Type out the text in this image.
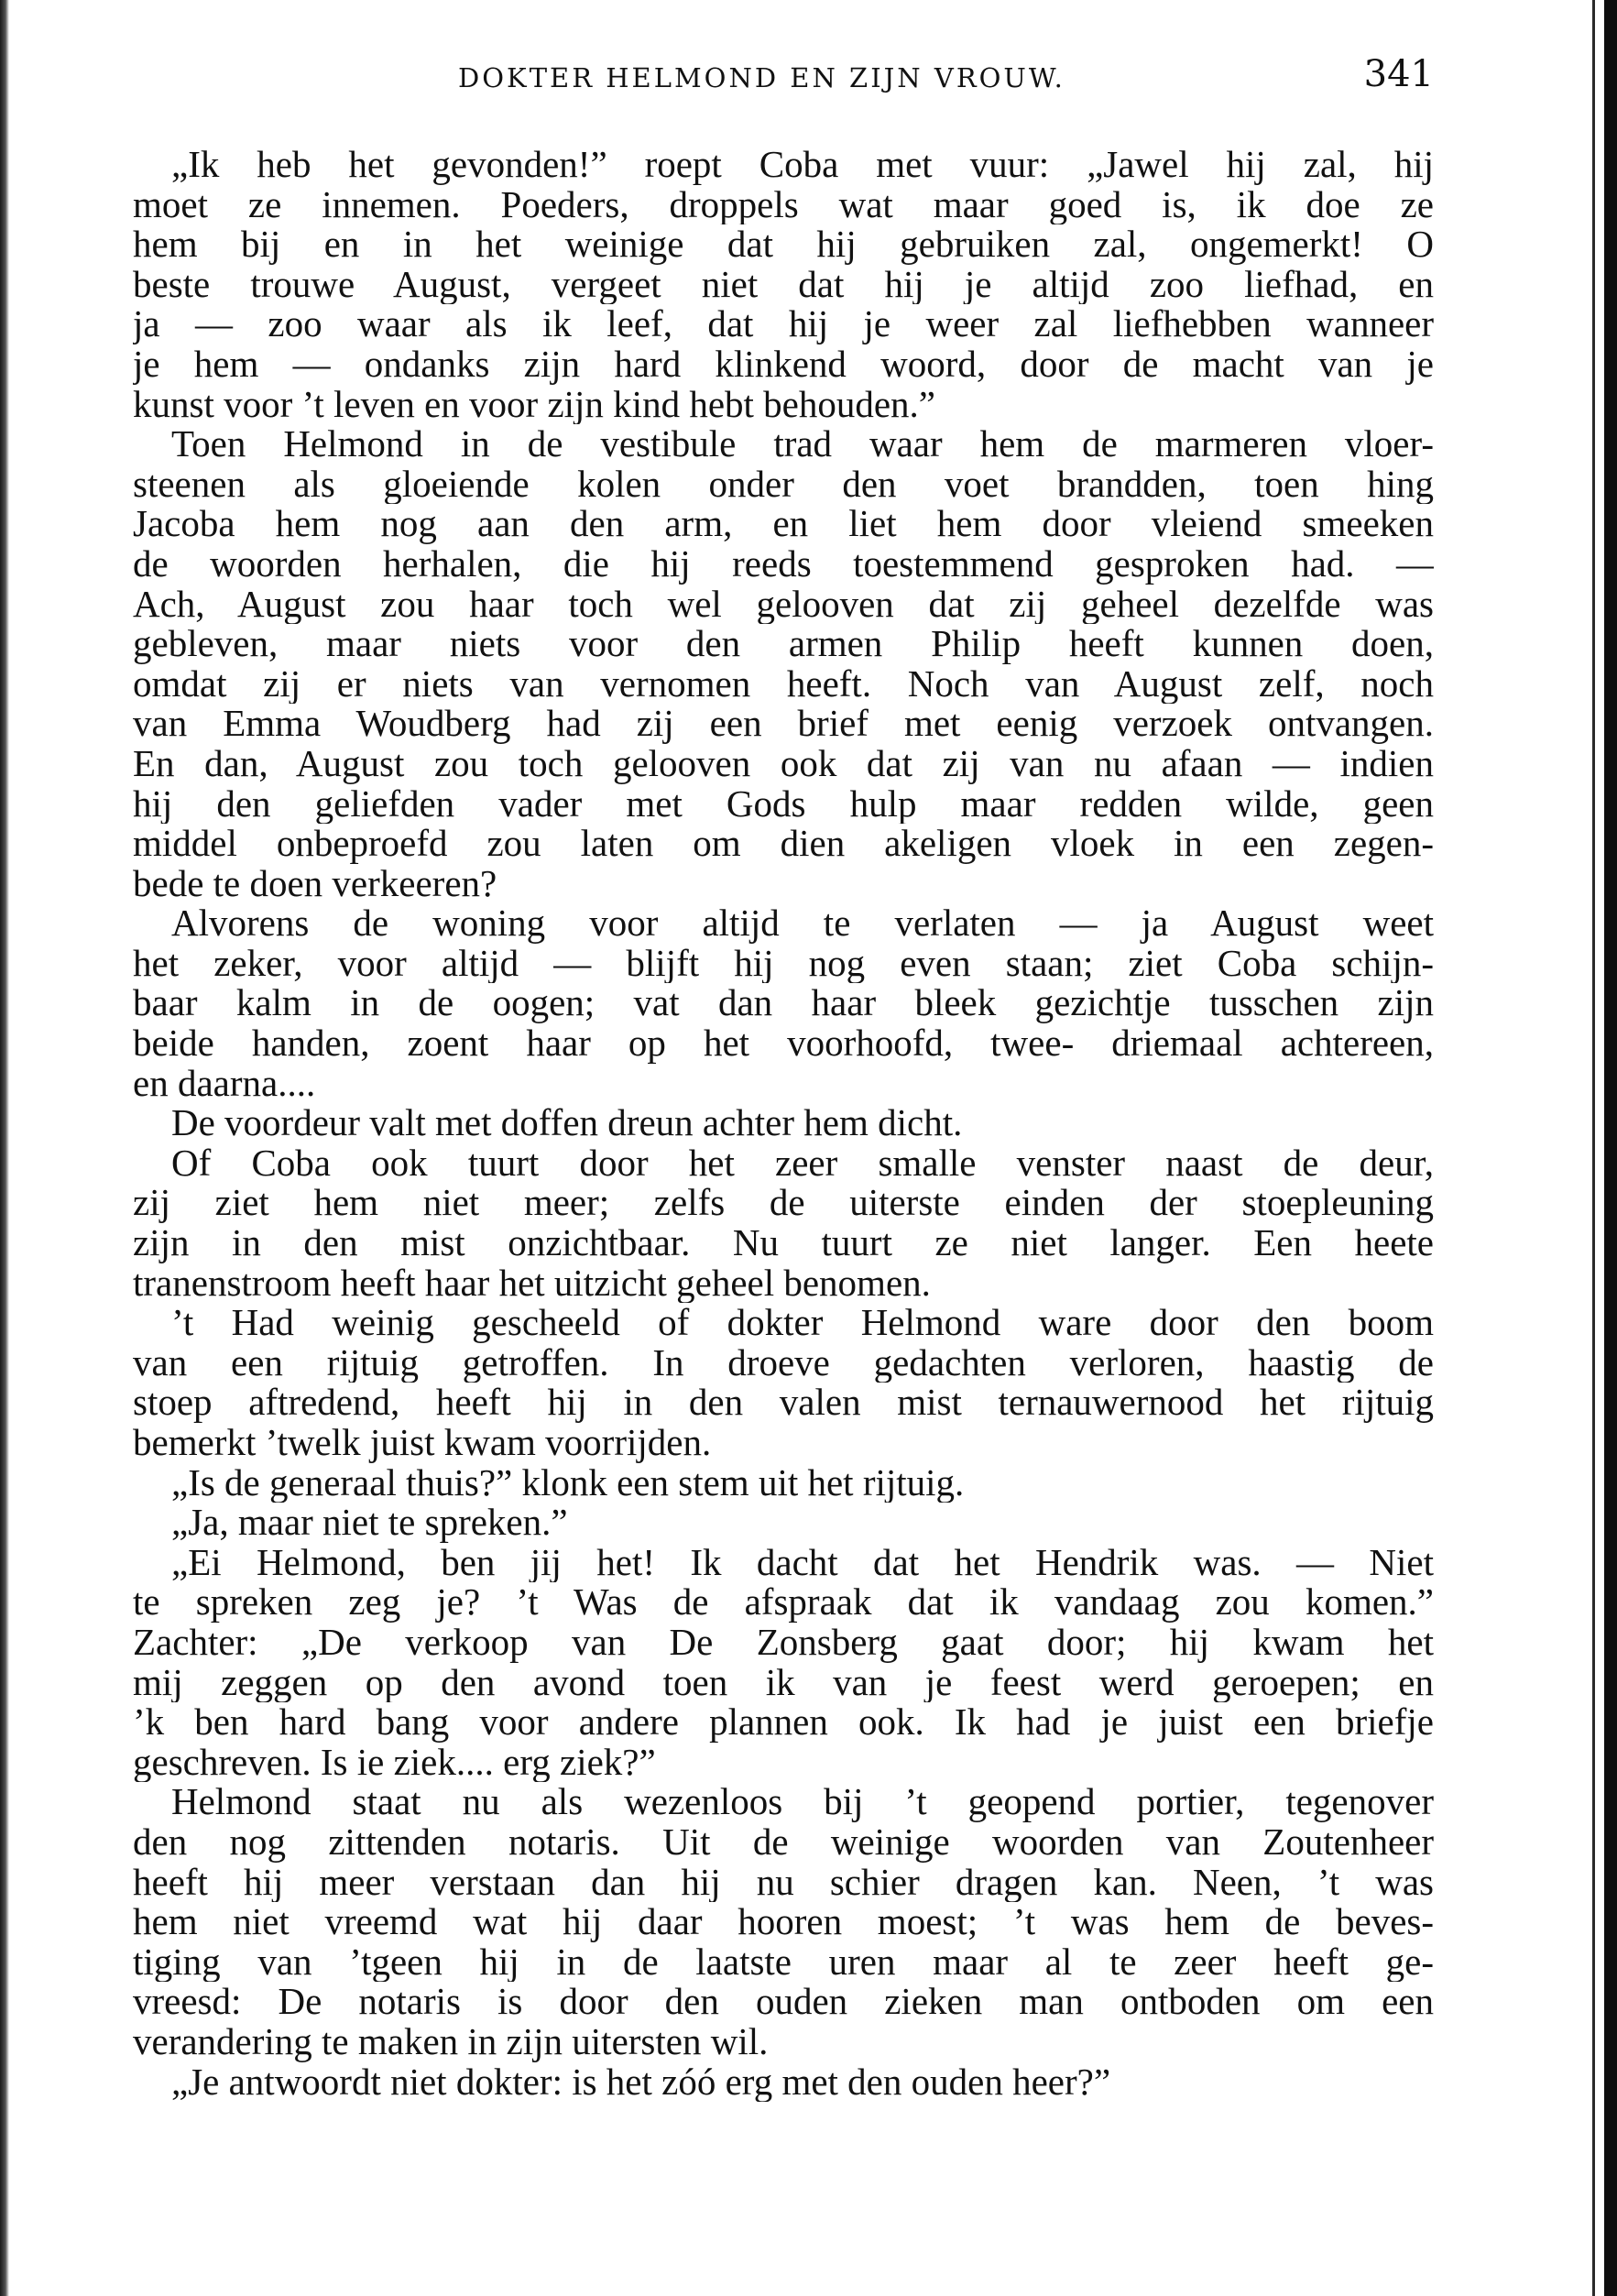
DOKTER HELMOND EN ZIJN VROUW.	341
„Ik heb het gevonden!” roept Coba met vuur: „Jawel hij zal, hij
moet ze innemen. Poeders, droppels wat maar goed is, ik doe ze
hem bij en in het weinige dat hij gebruiken zal, ongemerkt! O
beste trouwe August, vergeet niet dat hij je altijd zoo liefhad, en
ja — zoo waar als ik leef, dat hij je weer zal liefhebben wanneer
je hem — ondanks zijn hard klinkend woord, door de macht van je
kunst voor ’t leven en voor zijn kind hebt behouden.”
Toen Helmond in de vestibule trad waar hem de marmeren vloer-
steenen als gloeiende kolen onder den voet brandden, toen hing
Jacoba hem nog aan den arm, en liet hem door vleiend smeeken
de woorden herhalen, die hij reeds toestemmend gesproken had. —
Ach, August zou haar toch wel gelooven dat zij geheel dezelfde was
gebleven, maar niets voor den armen Philip heeft kunnen doen,
omdat zij er niets van vernomen heeft. Noch van August zelf, noch
van Emma Woudberg had zij een brief met eenig verzoek ontvangen.
En dan, August zou toch gelooven ook dat zij van nu afaan — indien
hij den geliefden vader met Gods hulp maar redden wilde, geen
middel onbeproefd zou laten om dien akeligen vloek in een zegen-
bede te doen verkeeren?
Alvorens de woning voor altijd te verlaten — ja August weet
het zeker, voor altijd — blijft hij nog even staan; ziet Coba schijn-
baar kalm in de oogen; vat dan haar bleek gezichtje tusschen zijn
beide handen, zoent haar op het voorhoofd, twee- driemaal achtereen,
en daarna....
De voordeur valt met doffen dreun achter hem dicht.
Of Coba ook tuurt door het zeer smalle venster naast de deur,
zij ziet hem niet meer; zelfs de uiterste einden der stoepleuning
zijn in den mist onzichtbaar. Nu tuurt ze niet langer. Een heete
tranenstroom heeft haar het uitzicht geheel benomen.
’t Had weinig gescheeld of dokter Helmond ware door den boom
van een rijtuig getroffen. In droeve gedachten verloren, haastig de
stoep aftredend, heeft hij in den valen mist ternauwernood het rijtuig
bemerkt ’twelk juist kwam voorrijden.
„Is de generaal thuis?” klonk een stem uit het rijtuig.
„Ja, maar niet te spreken.”
„Ei Helmond, ben jij het! Ik dacht dat het Hendrik was. — Niet
te spreken zeg je? ’t Was de afspraak dat ik vandaag zou komen.”
Zachter: „De verkoop van De Zonsberg gaat door; hij kwam het
mij zeggen op den avond toen ik van je feest werd geroepen; en
’k ben hard bang voor andere plannen ook. Ik had je juist een briefje
geschreven. Is ie ziek.... erg ziek?”
Helmond staat nu als wezenloos bij ’t geopend portier, tegenover
den nog zittenden notaris. Uit de weinige woorden van Zoutenheer
heeft hij meer verstaan dan hij nu schier dragen kan. Neen, ’t was
hem niet vreemd wat hij daar hooren moest; ’t was hem de beves-
tiging van ’tgeen hij in de laatste uren maar al te zeer heeft ge-
vreesd: De notaris is door den ouden zieken man ontboden om een
verandering te maken in zijn uitersten wil.
„Je antwoordt niet dokter: is het zóó erg met den ouden heer?”
